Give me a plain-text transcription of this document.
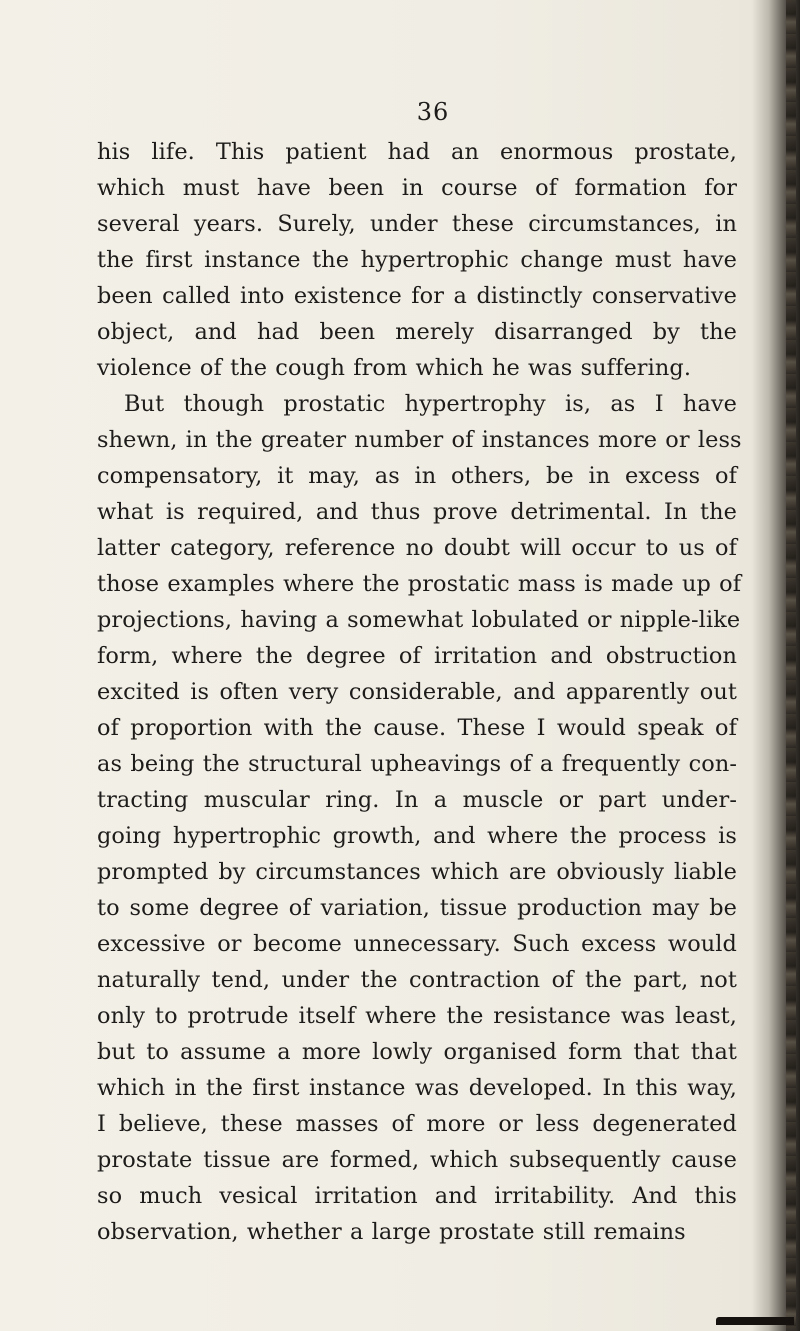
36
his life. This patient had an enormous prostate,
which must have been in course of formation for
several years. Surely, under these circumstances, in
the first instance the hypertrophic change must have
been called into existence for a distinctly conservative
object, and had been merely disarranged by the
violence of the cough from which he was suffering.
But though prostatic hypertrophy is, as I have
shewn, in the greater number of instances more or less
compensatory, it may, as in others, be in excess of
what is required, and thus prove detrimental. In the
latter category, reference no doubt will occur to us of
those examples where the prostatic mass is made up of
projections, having a somewhat lobulated or nipple-like
form, where the degree of irritation and obstruction
excited is often very considerable, and apparently out
of proportion with the cause. These I would speak of
as being the structural upheavings of a frequently con-
tracting muscular ring. In a muscle or part under-
going hypertrophic growth, and where the process is
prompted by circumstances which are obviously liable
to some degree of variation, tissue production may be
excessive or become unnecessary. Such excess would
naturally tend, under the contraction of the part, not
only to protrude itself where the resistance was least,
but to assume a more lowly organised form that that
which in the first instance was developed. In this way,
I believe, these masses of more or less degenerated
prostate tissue are formed, which subsequently cause
so much vesical irritation and irritability. And this
observation, whether a large prostate still remains
